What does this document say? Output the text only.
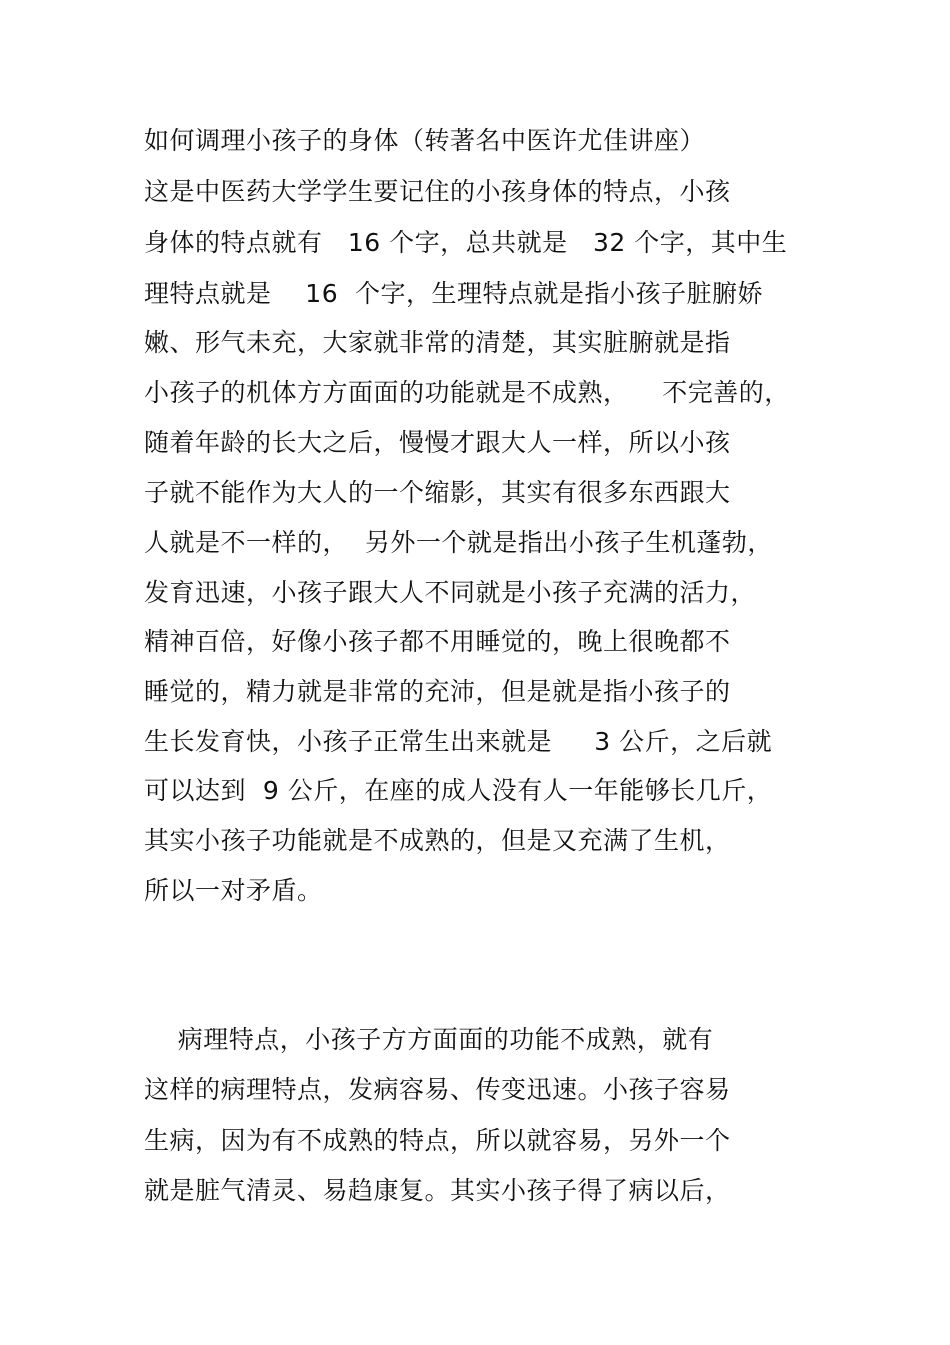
如何调理小孩子的身体（转著名中医许尤佳讲座）
这是中医药大学学生要记住的小孩身体的特点，小孩
身体的特点就有   16 个字，总共就是   32 个字，其中生
理特点就是    16  个字，生理特点就是指小孩子脏腑娇
嫩、形气未充，大家就非常的清楚，其实脏腑就是指
小孩子的机体方方面面的功能就是不成熟，    不完善的，
随着年龄的长大之后，慢慢才跟大人一样，所以小孩
子就不能作为大人的一个缩影，其实有很多东西跟大
人就是不一样的，  另外一个就是指出小孩子生机蓬勃，
发育迅速，小孩子跟大人不同就是小孩子充满的活力，
精神百倍，好像小孩子都不用睡觉的，晚上很晚都不
睡觉的，精力就是非常的充沛，但是就是指小孩子的
生长发育快，小孩子正常生出来就是     3 公斤，之后就
可以达到  9 公斤，在座的成人没有人一年能够长几斤，
其实小孩子功能就是不成熟的，但是又充满了生机，
所以一对矛盾。
病理特点，小孩子方方面面的功能不成熟，就有
这样的病理特点，发病容易、传变迅速。小孩子容易
生病，因为有不成熟的特点，所以就容易，另外一个
就是脏气清灵、易趋康复。其实小孩子得了病以后，
